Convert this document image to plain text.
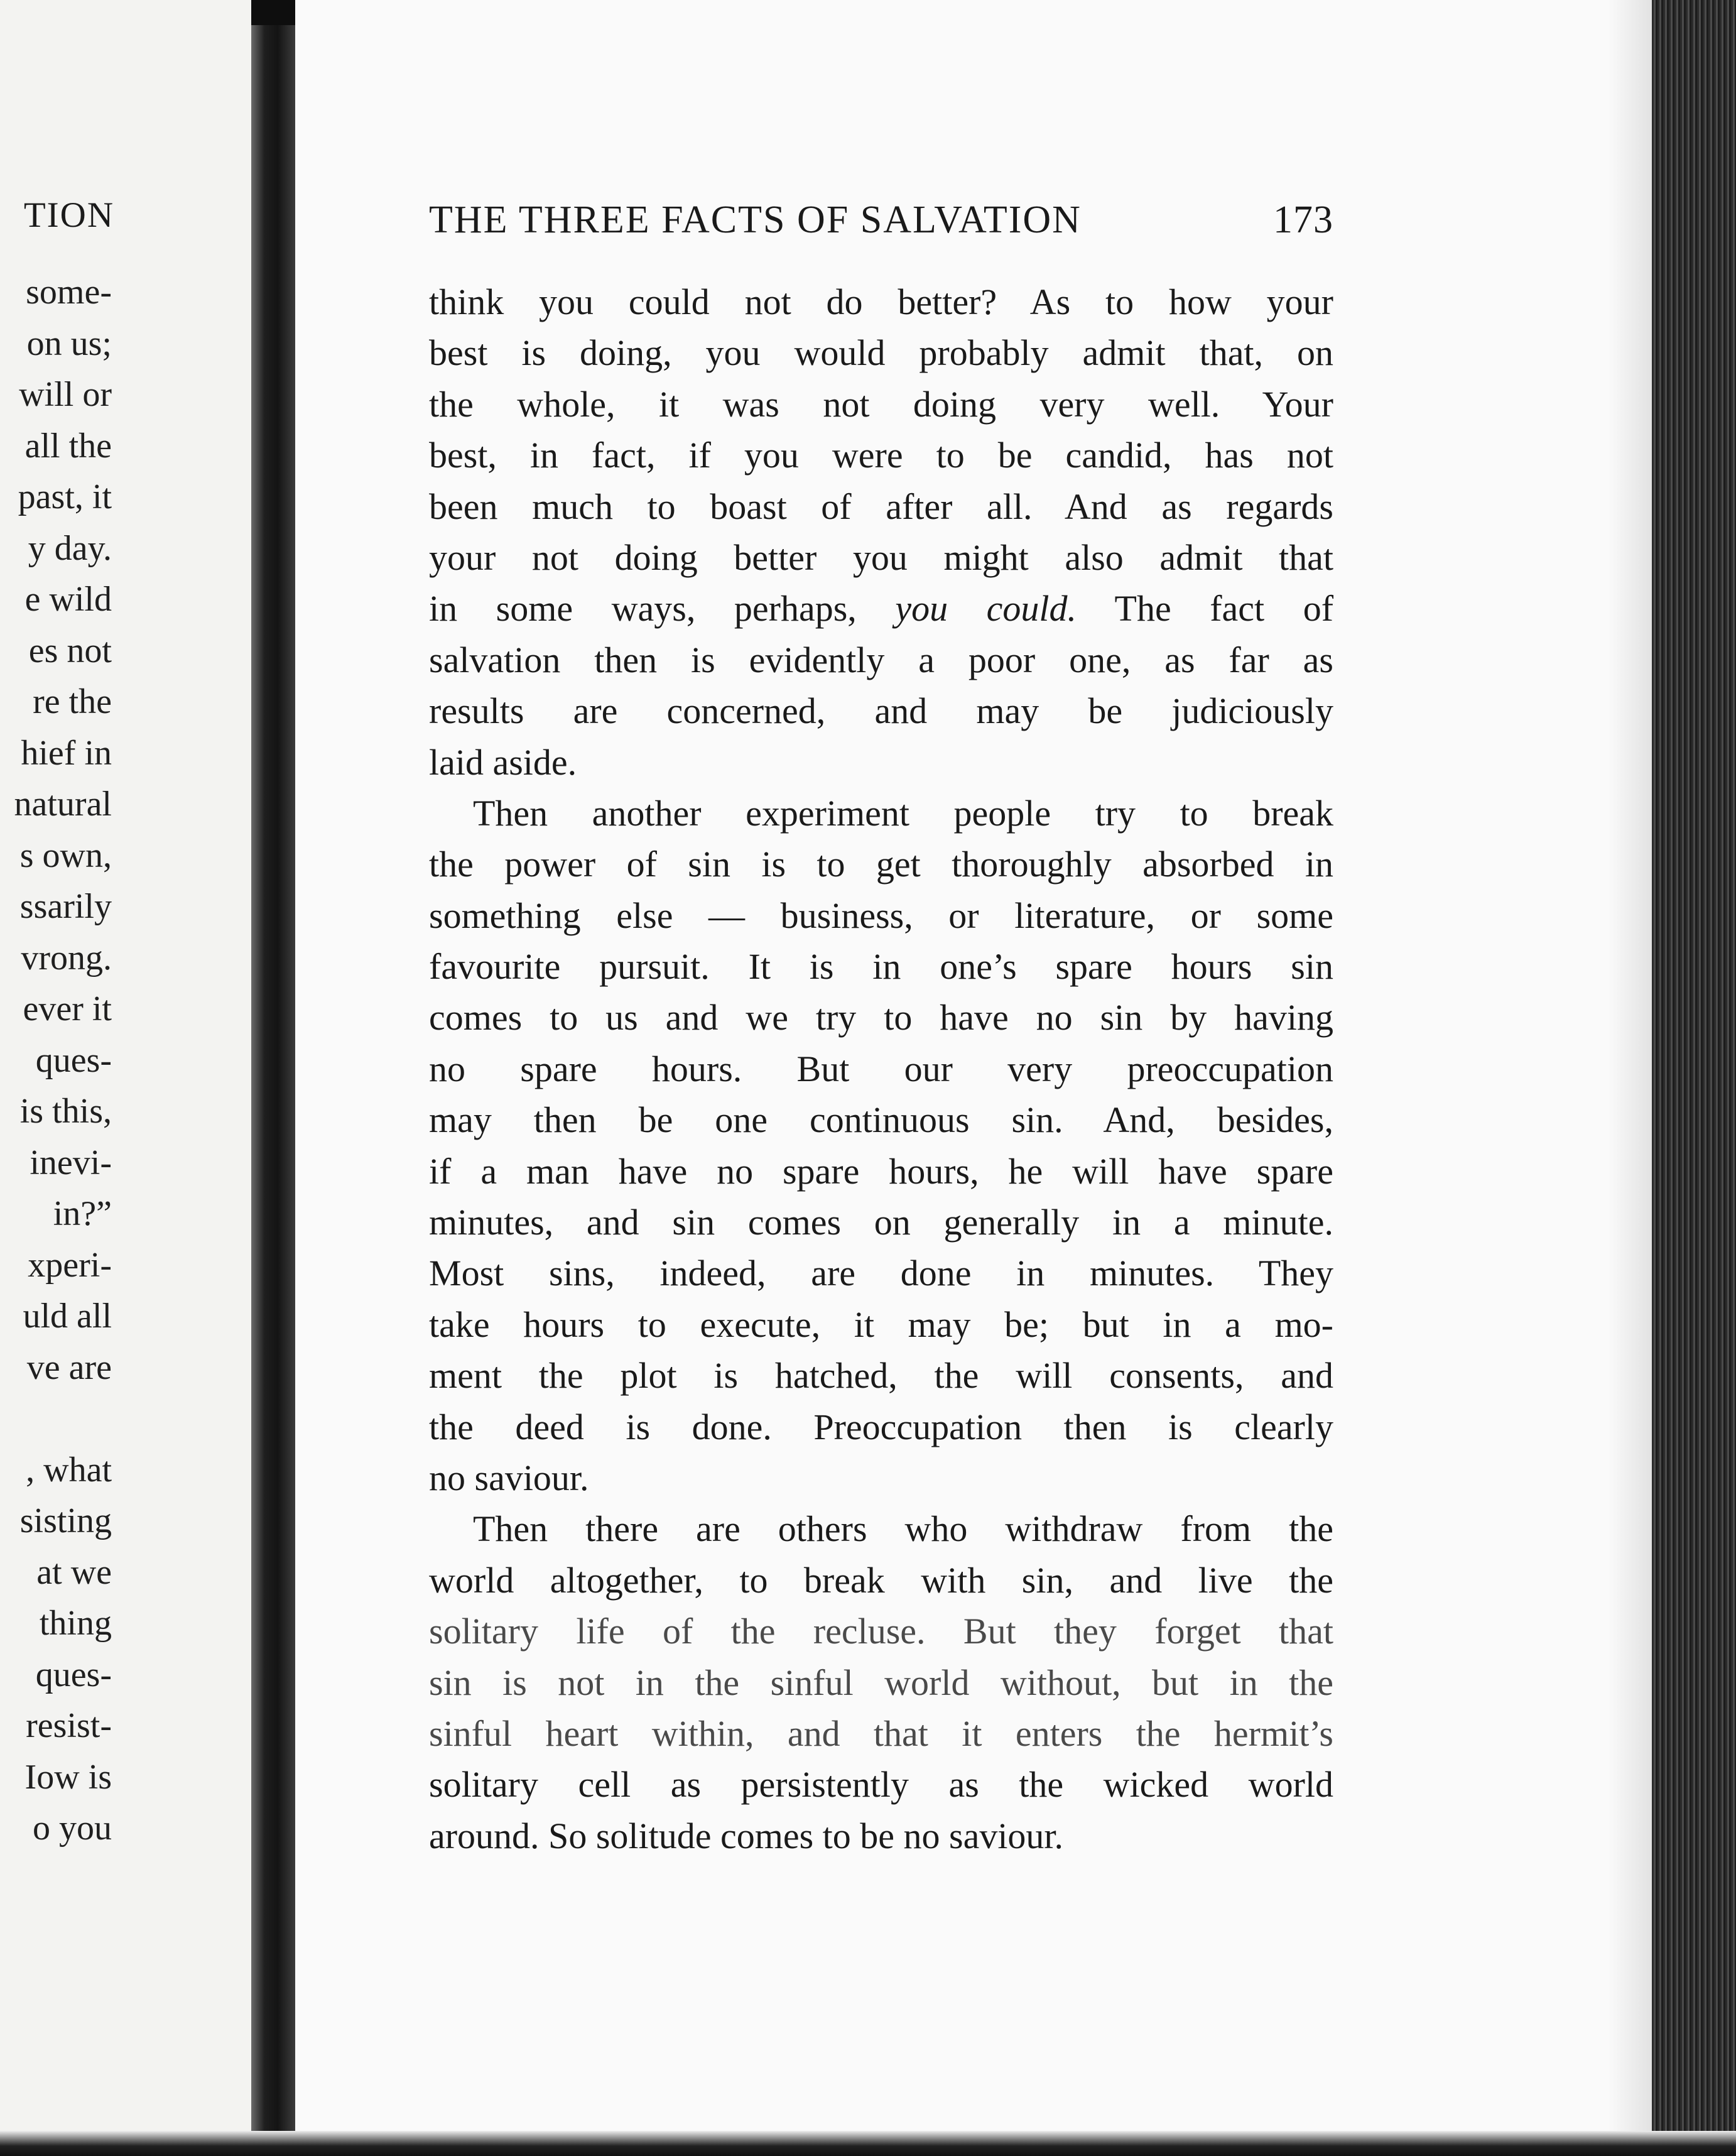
TION
some-
on us;
will or
all the
past, it
y day.
e wild
es not
re the
hief in
natural
s own,
ssarily
vrong.
ever it
ques-
is this,
inevi-
in?”
xperi-
uld all
ve are
, what
sisting
at we
thing
ques-
resist-
Iow is
o you
THE THREE FACTS OF SALVATION	173
think you could not do better? As to how your
best is doing, you would probably admit that, on
the whole, it was not doing very well. Your
best, in fact, if you were to be candid, has not
been much to boast of after all. And as regards
your not doing better you might also admit that
in some ways, perhaps, you could. The fact of
salvation then is evidently a poor one, as far as
results are concerned, and may be judiciously
laid aside.
Then another experiment people try to break
the power of sin is to get thoroughly absorbed in
something else — business, or literature, or some
favourite pursuit. It is in one’s spare hours sin
comes to us and we try to have no sin by having
no spare hours. But our very preoccupation
may then be one continuous sin. And, besides,
if a man have no spare hours, he will have spare
minutes, and sin comes on generally in a minute.
Most sins, indeed, are done in minutes. They
take hours to execute, it may be; but in a mo-
ment the plot is hatched, the will consents, and
the deed is done. Preoccupation then is clearly
no saviour.
Then there are others who withdraw from the
world altogether, to break with sin, and live the
solitary life of the recluse. But they forget that
sin is not in the sinful world without, but in the
sinful heart within, and that it enters the hermit’s
solitary cell as persistently as the wicked world
around. So solitude comes to be no saviour.
